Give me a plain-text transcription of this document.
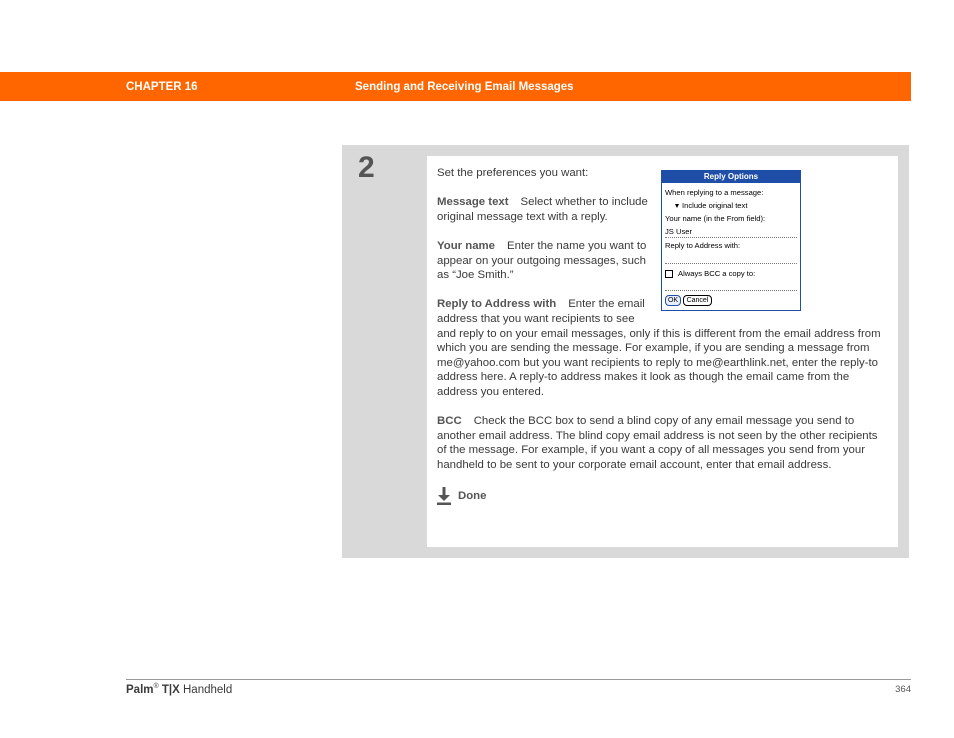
CHAPTER 16	Sending and Receiving Email Messages
2	Reply Options
When replying to a message:
Include original text
Your name (in the From field):
JS User
Reply to Address with:
Always BCC a copy to:
OK	Cancel

Set the preferences you want:

Message text Select whether to include original message text with a reply.

Your name Enter the name you want to appear on your outgoing messages, such as “Joe Smith.”

Reply to Address with Enter the email address that you want recipients to see and reply to on your email messages, only if this is different from the email address from which you are sending the message. For example, if you are sending a message from me@yahoo.com but you want recipients to reply to me@earthlink.net, enter the reply-to address here. A reply-to address makes it look as though the email came from the address you entered.

BCC Check the BCC box to send a blind copy of any email message you send to another email address. The blind copy email address is not seen by the other recipients of the message. For example, if you want a copy of all messages you send from your handheld to be sent to your corporate email account, enter that email address.

Done
Palm® T|X Handheld	364
